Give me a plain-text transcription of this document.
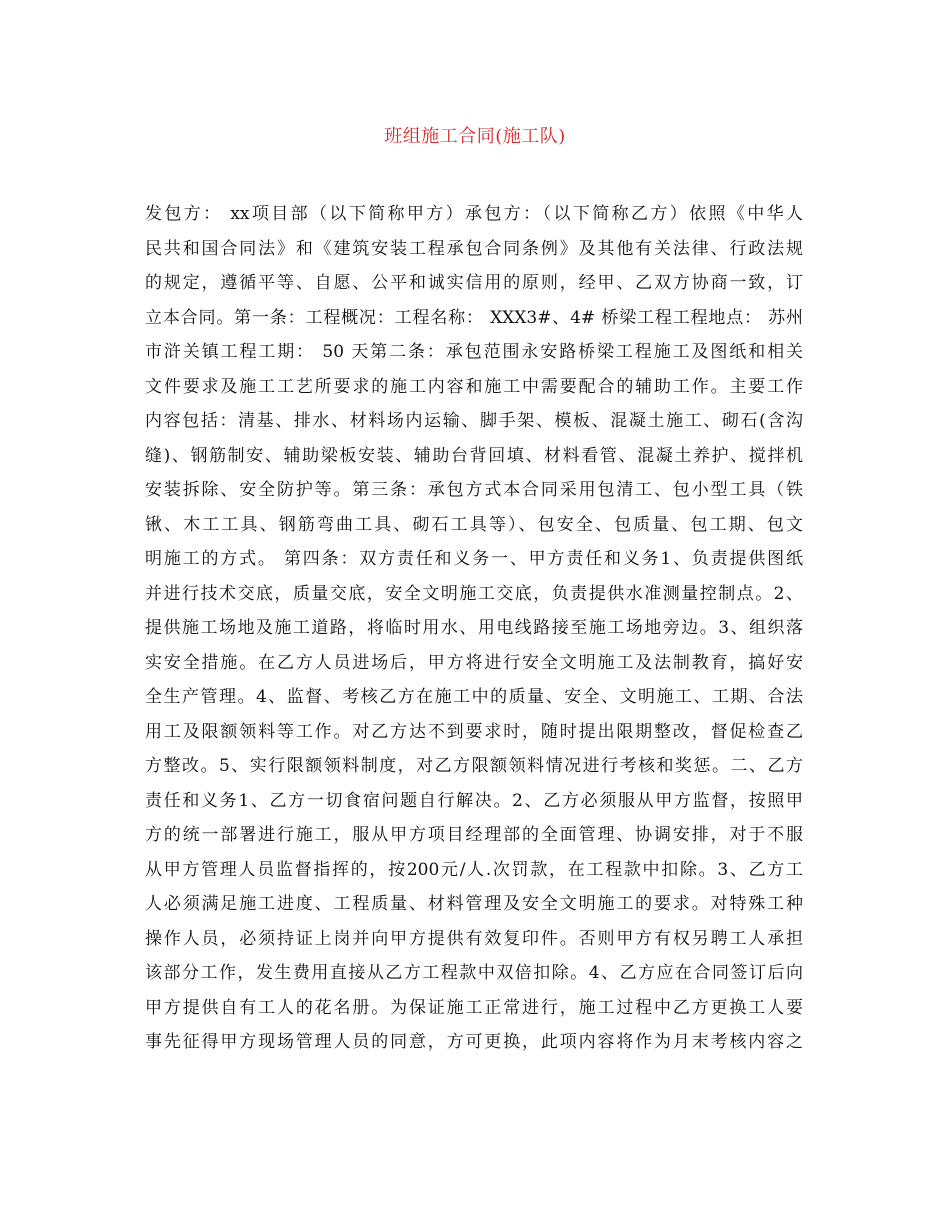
班组施工合同(施工队)
发包方： xx项目部（以下简称甲方）承包方：（以下简称乙方）依照《中华人
民共和国合同法》和《建筑安装工程承包合同条例》及其他有关法律、行政法规
的规定，遵循平等、自愿、公平和诚实信用的原则，经甲、乙双方协商一致，订
立本合同。第一条：工程概况：工程名称： XXX3#、4# 桥梁工程工程地点： 苏州
市浒关镇工程工期： 50 天第二条：承包范围永安路桥梁工程施工及图纸和相关
文件要求及施工工艺所要求的施工内容和施工中需要配合的辅助工作。主要工作
内容包括：清基、排水、材料场内运输、脚手架、模板、混凝土施工、砌石(含沟
缝)、钢筋制安、辅助梁板安装、辅助台背回填、材料看管、混凝土养护、搅拌机
安装拆除、安全防护等。第三条：承包方式本合同采用包清工、包小型工具（铁
锹、木工工具、钢筋弯曲工具、砌石工具等）、包安全、包质量、包工期、包文
明施工的方式。 第四条：双方责任和义务一、甲方责任和义务1、负责提供图纸
并进行技术交底，质量交底，安全文明施工交底，负责提供水准测量控制点。2、
提供施工场地及施工道路，将临时用水、用电线路接至施工场地旁边。3、组织落
实安全措施。在乙方人员进场后，甲方将进行安全文明施工及法制教育，搞好安
全生产管理。4、监督、考核乙方在施工中的质量、安全、文明施工、工期、合法
用工及限额领料等工作。对乙方达不到要求时，随时提出限期整改，督促检查乙
方整改。5、实行限额领料制度，对乙方限额领料情况进行考核和奖惩。二、乙方
责任和义务1、乙方一切食宿问题自行解决。2、乙方必须服从甲方监督，按照甲
方的统一部署进行施工，服从甲方项目经理部的全面管理、协调安排，对于不服
从甲方管理人员监督指挥的，按200元/人.次罚款，在工程款中扣除。3、乙方工
人必须满足施工进度、工程质量、材料管理及安全文明施工的要求。对特殊工种
操作人员，必须持证上岗并向甲方提供有效复印件。否则甲方有权另聘工人承担
该部分工作，发生费用直接从乙方工程款中双倍扣除。4、乙方应在合同签订后向
甲方提供自有工人的花名册。为保证施工正常进行，施工过程中乙方更换工人要
事先征得甲方现场管理人员的同意，方可更换，此项内容将作为月末考核内容之
